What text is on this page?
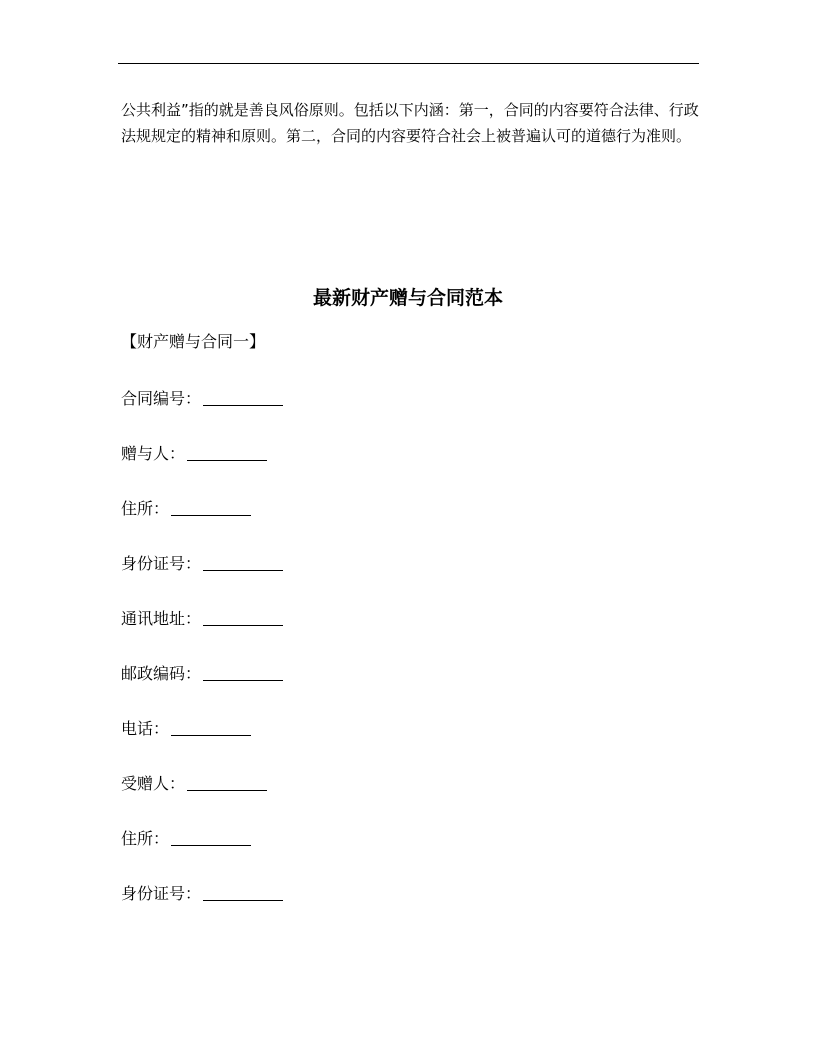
公共利益”指的就是善良风俗原则。包括以下内涵：第一，合同的内容要符合法律、行政法规规定的精神和原则。第二，合同的内容要符合社会上被普遍认可的道德行为准则。

最新财产赠与合同范本

【财产赠与合同一】

合同编号：
赠与人：
住所：
身份证号：
通讯地址：
邮政编码：
电话：
受赠人：
住所：
身份证号：
